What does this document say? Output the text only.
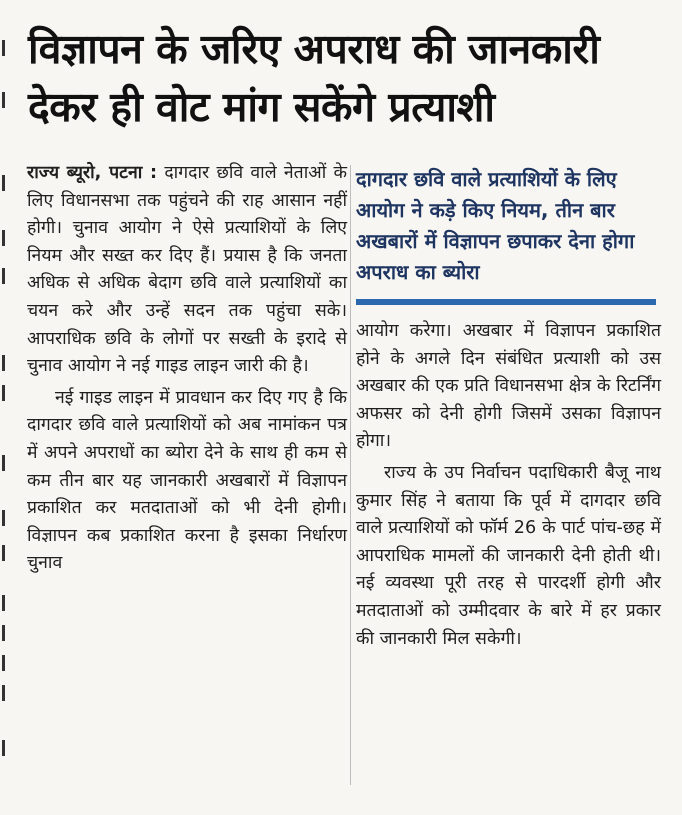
विज्ञापन के जरिए अपराध की जानकारी देकर ही वोट मांग सकेंगे प्रत्याशी

राज्य ब्यूरो, पटना : दागदार छवि वाले नेताओं के लिए विधानसभा तक पहुंचने की राह आसान नहीं होगी। चुनाव आयोग ने ऐसे प्रत्याशियों के लिए नियम और सख्त कर दिए हैं। प्रयास है कि जनता अधिक से अधिक बेदाग छवि वाले प्रत्याशियों का चयन करे और उन्हें सदन तक पहुंचा सके। आपराधिक छवि के लोगों पर सख्ती के इरादे से चुनाव आयोग ने नई गाइड लाइन जारी की है।

नई गाइड लाइन में प्रावधान कर दिए गए है कि दागदार छवि वाले प्रत्याशियों को अब नामांकन पत्र में अपने अपराधों का ब्योरा देने के साथ ही कम से कम तीन बार यह जानकारी अखबारों में विज्ञापन प्रकाशित कर मतदाताओं को भी देनी होगी। विज्ञापन कब प्रकाशित करना है इसका निर्धारण चुनाव

दागदार छवि वाले प्रत्याशियों के लिए आयोग ने कड़े किए नियम, तीन बार अखबारों में विज्ञापन छपाकर देना होगा अपराध का ब्योरा

आयोग करेगा। अखबार में विज्ञापन प्रकाशित होने के अगले दिन संबंधित प्रत्याशी को उस अखबार की एक प्रति विधानसभा क्षेत्र के रिटर्निंग अफसर को देनी होगी जिसमें उसका विज्ञापन होगा।

राज्य के उप निर्वाचन पदाधिकारी बैजू नाथ कुमार सिंह ने बताया कि पूर्व में दागदार छवि वाले प्रत्याशियों को फॉर्म 26 के पार्ट पांच-छह में आपराधिक मामलों की जानकारी देनी होती थी। नई व्यवस्था पूरी तरह से पारदर्शी होगी और मतदाताओं को उम्मीदवार के बारे में हर प्रकार की जानकारी मिल सकेगी।
